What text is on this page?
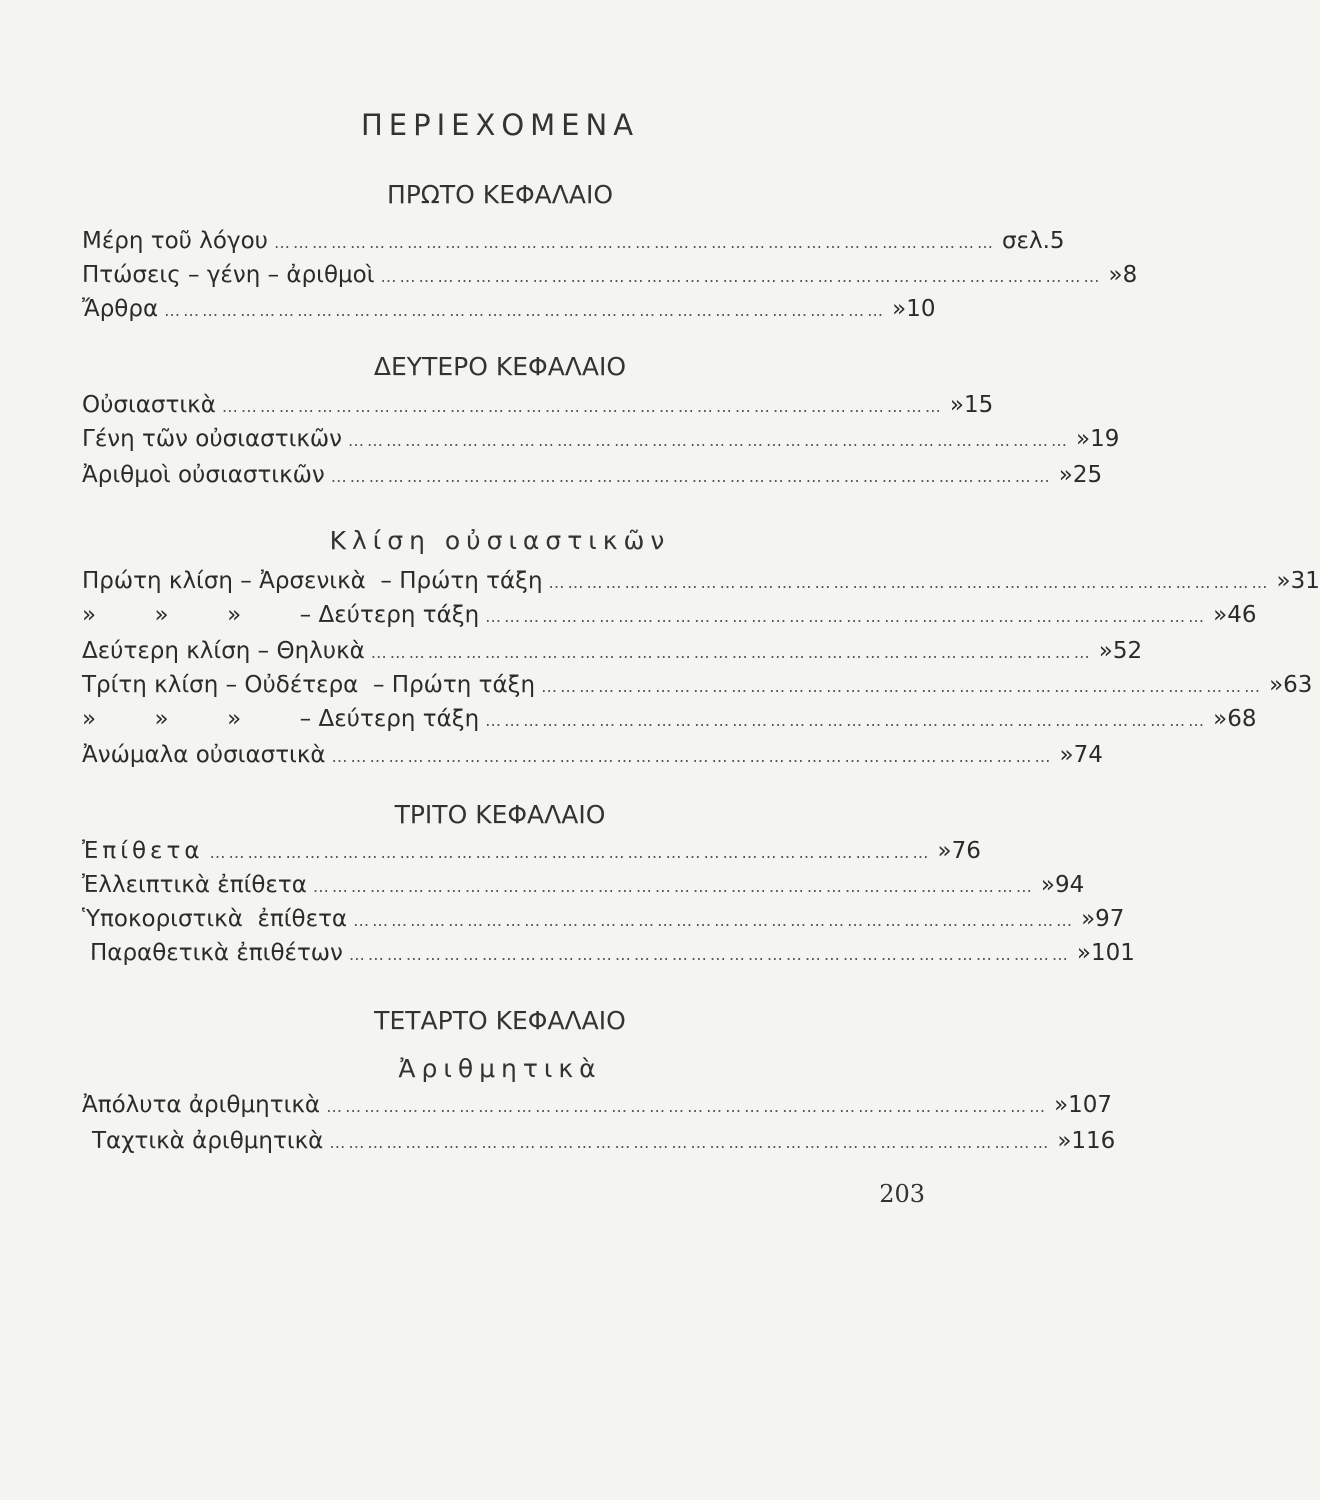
ΠΕΡΙΕΧΟΜΕΝΑ
ΠΡΩΤΟ ΚΕΦΑΛΑΙΟ
Μέρη τοῦ λόγου …………………………………………………………………………………………………… σελ. 5
Πτώσεις – γένη – ἀριθμοὶ …………………………………………………………………………………………………… » 8
Ἄρθρα …………………………………………………………………………………………………… » 10
ΔΕΥΤΕΡΟ ΚΕΦΑΛΑΙΟ
Οὐσιαστικὰ …………………………………………………………………………………………………… » 15
Γένη τῶν οὐσιαστικῶν …………………………………………………………………………………………………… » 19
Ἀριθμοὶ οὐσιαστικῶν …………………………………………………………………………………………………… » 25
Κλίση οὐσιαστικῶν
Πρώτη κλίση – Ἀρσενικὰ  – Πρώτη τάξη …………………………………………………………………………………………………… » 31
»        »        »        – Δεύτερη τάξη …………………………………………………………………………………………………… » 46
Δεύτερη κλίση – Θηλυκὰ …………………………………………………………………………………………………… » 52
Τρίτη κλίση – Οὐδέτερα  – Πρώτη τάξη …………………………………………………………………………………………………… » 63
»        »        »        – Δεύτερη τάξη …………………………………………………………………………………………………… » 68
Ἀνώμαλα οὐσιαστικὰ …………………………………………………………………………………………………… » 74
ΤΡΙΤΟ ΚΕΦΑΛΑΙΟ
Ἐπίθετα …………………………………………………………………………………………………… » 76
Ἐλλειπτικὰ ἐπίθετα …………………………………………………………………………………………………… » 94
Ὑποκοριστικὰ  ἐπίθετα …………………………………………………………………………………………………… » 97
Παραθετικὰ ἐπιθέτων …………………………………………………………………………………………………… » 101
ΤΕΤΑΡΤΟ ΚΕΦΑΛΑΙΟ
Ἀριθμητικὰ
Ἀπόλυτα ἀριθμητικὰ …………………………………………………………………………………………………… » 107
Ταχτικὰ ἀριθμητικὰ …………………………………………………………………………………………………… » 116
203
